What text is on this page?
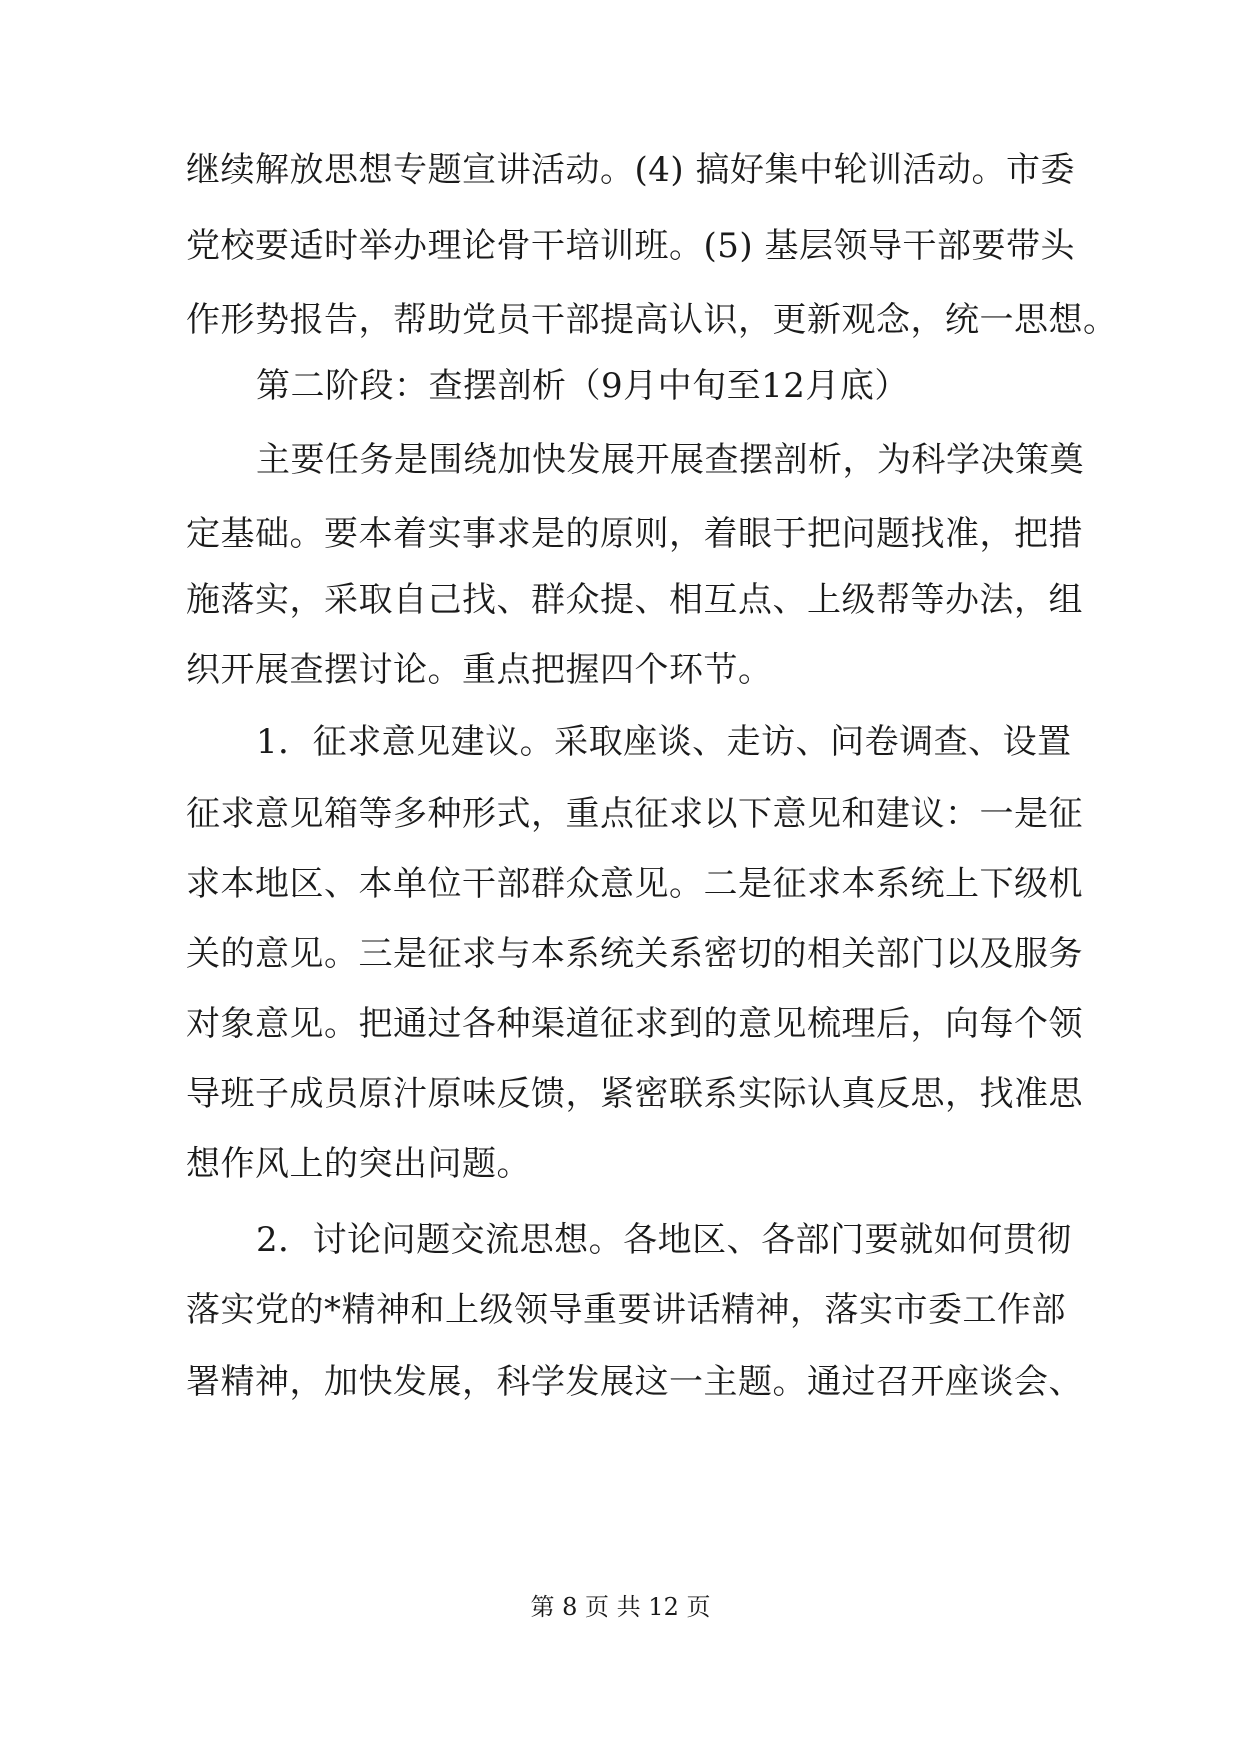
继续解放思想专题宣讲活动。(4) 搞好集中轮训活动。市委
党校要适时举办理论骨干培训班。(5) 基层领导干部要带头
作形势报告，帮助党员干部提高认识，更新观念，统一思想。
第二阶段：查摆剖析（9月中旬至12月底）
主要任务是围绕加快发展开展查摆剖析，为科学决策奠
定基础。要本着实事求是的原则，着眼于把问题找准，把措
施落实，采取自己找、群众提、相互点、上级帮等办法，组
织开展查摆讨论。重点把握四个环节。
1．征求意见建议。采取座谈、走访、问卷调查、设置
征求意见箱等多种形式，重点征求以下意见和建议：一是征
求本地区、本单位干部群众意见。二是征求本系统上下级机
关的意见。三是征求与本系统关系密切的相关部门以及服务
对象意见。把通过各种渠道征求到的意见梳理后，向每个领
导班子成员原汁原味反馈，紧密联系实际认真反思，找准思
想作风上的突出问题。
2．讨论问题交流思想。各地区、各部门要就如何贯彻
落实党的*精神和上级领导重要讲话精神，落实市委工作部
署精神，加快发展，科学发展这一主题。通过召开座谈会、
第 8 页 共 12 页
